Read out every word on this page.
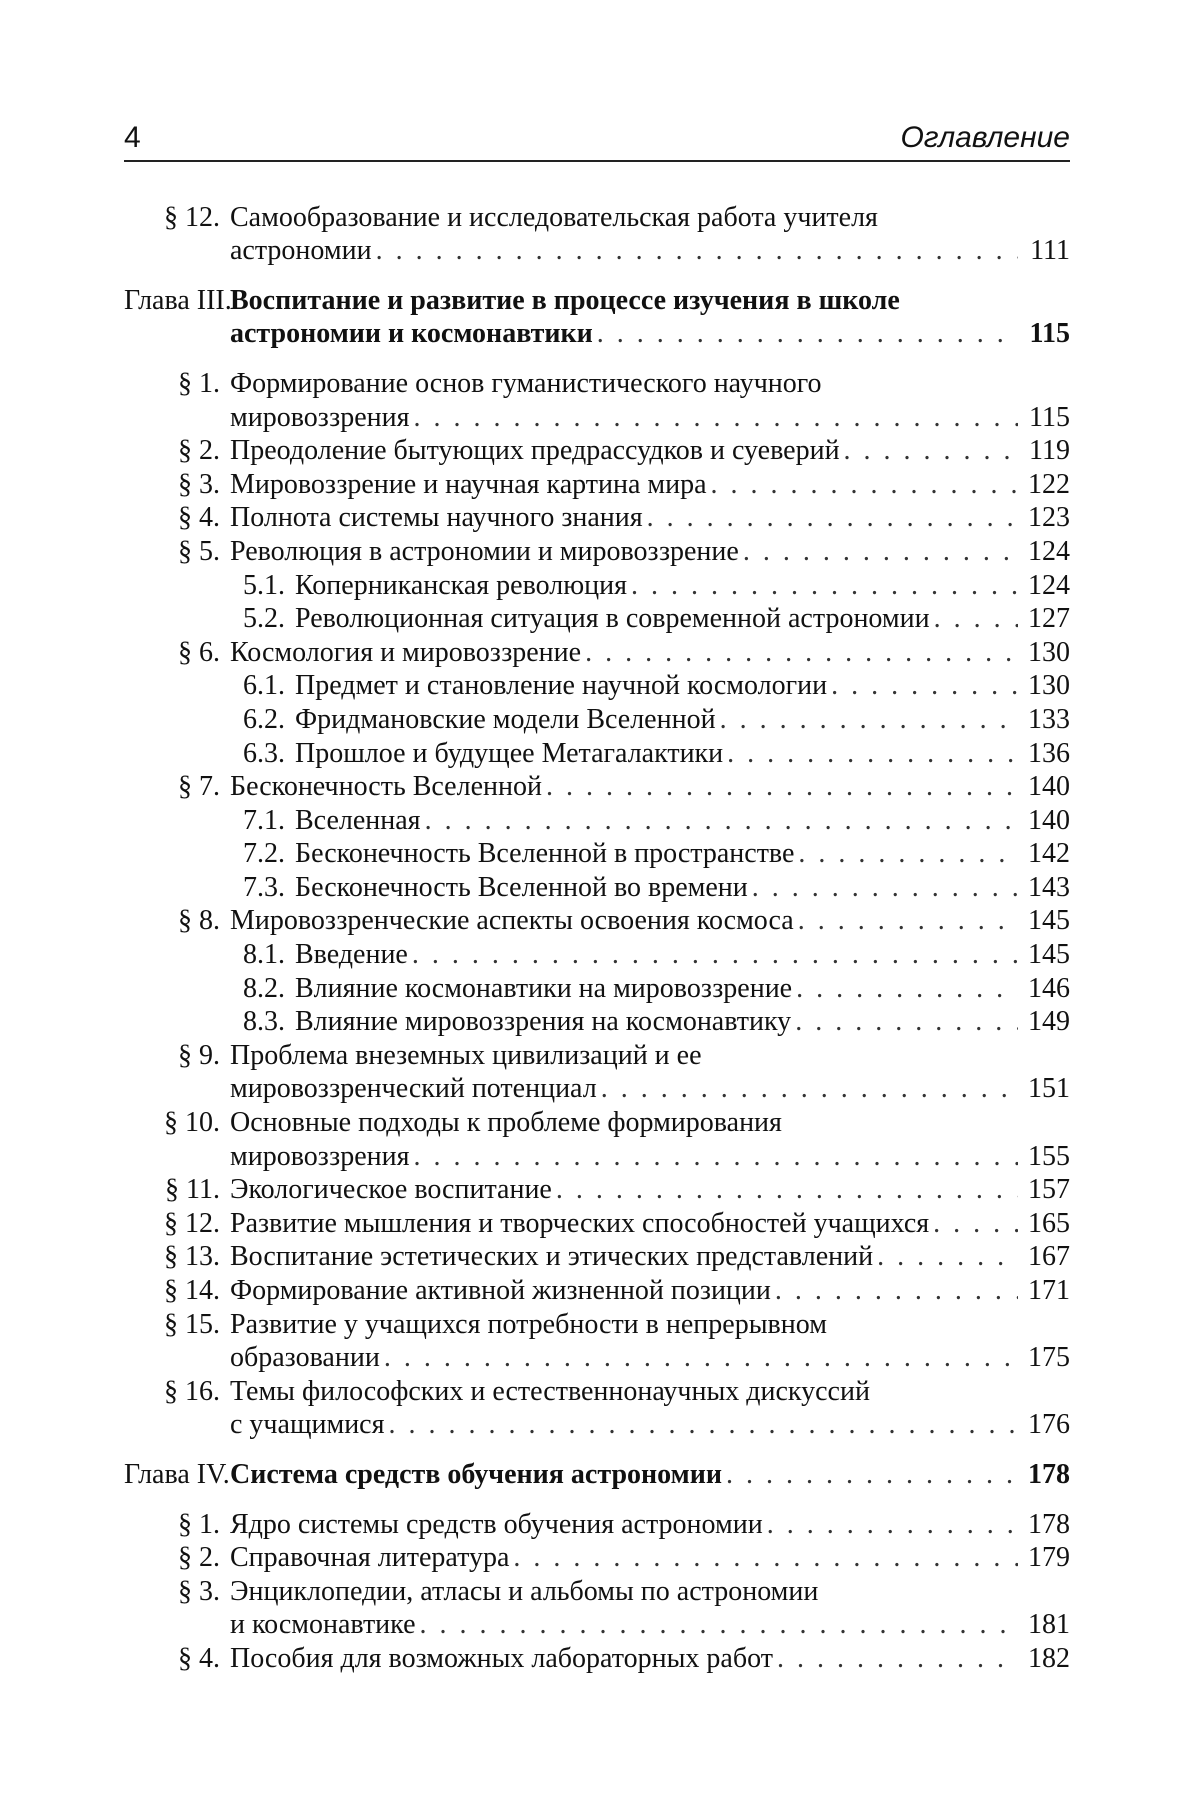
4	Оглавление
§ 12. Самообразование и исследовательская работа учителя
астрономии . . .	111
Глава III.
Воспитание и развитие в процессе изучения в школе
астрономии и космонавтики . . .	115
§ 1. Формирование основ гуманистического научного
мировоззрения . . .	115
§ 2. Преодоление бытующих предрассудков и суеверий . . .	119
§ 3. Мировоззрение и научная картина мира . . .	122
§ 4. Полнота системы научного знания . . .	123
§ 5. Революция в астрономии и мировоззрение . . .	124
5.1. Коперниканская революция . . .	124
5.2. Революционная ситуация в современной астрономии . . .	127
§ 6. Космология и мировоззрение . . .	130
6.1. Предмет и становление научной космологии . . .	130
6.2. Фридмановские модели Вселенной . . .	133
6.3. Прошлое и будущее Метагалактики . . .	136
§ 7. Бесконечность Вселенной . . .	140
7.1. Вселенная . . .	140
7.2. Бесконечность Вселенной в пространстве . . .	142
7.3. Бесконечность Вселенной во времени . . .	143
§ 8. Мировоззренческие аспекты освоения космоса . . .	145
8.1. Введение . . .	145
8.2. Влияние космонавтики на мировоззрение . . .	146
8.3. Влияние мировоззрения на космонавтику . . .	149
§ 9. Проблема внеземных цивилизаций и ее
мировоззренческий потенциал . . .	151
§ 10. Основные подходы к проблеме формирования
мировоззрения . . .	155
§ 11. Экологическое воспитание . . .	157
§ 12. Развитие мышления и творческих способностей учащихся . . .	165
§ 13. Воспитание эстетических и этических представлений . . .	167
§ 14. Формирование активной жизненной позиции . . .	171
§ 15. Развитие у учащихся потребности в непрерывном
образовании . . .	175
§ 16. Темы философских и естественнонаучных дискуссий
с учащимися . . .	176
Глава IV. Система средств обучения астрономии . . .	178
§ 1. Ядро системы средств обучения астрономии . . .	178
§ 2. Справочная литература . . .	179
§ 3. Энциклопедии, атласы и альбомы по астрономии
и космонавтике . . .	181
§ 4. Пособия для возможных лабораторных работ . . .	182
